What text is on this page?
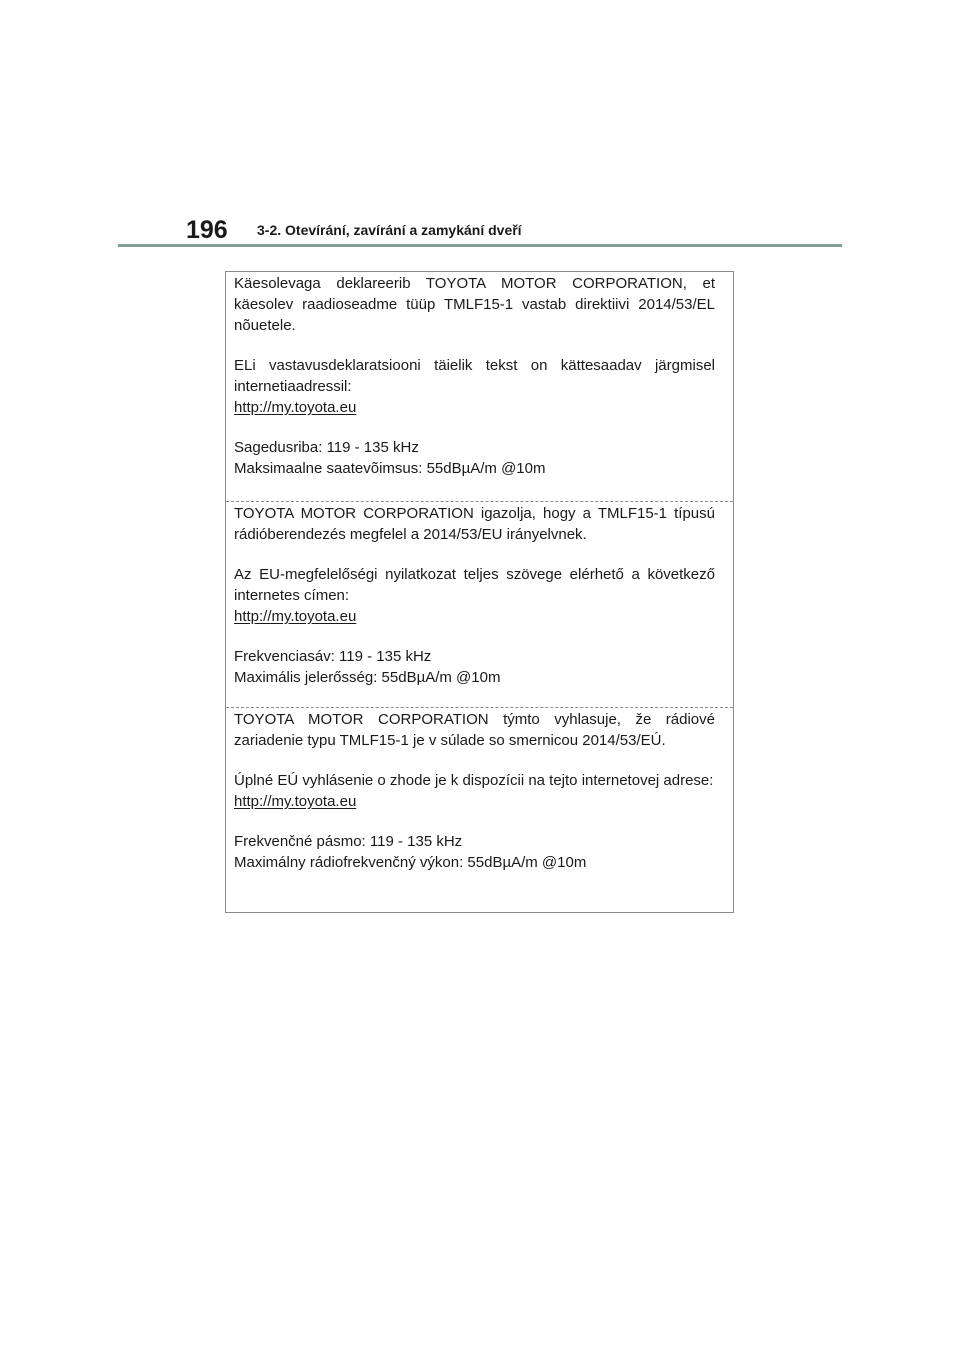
196 3-2. Otevírání, zavírání a zamykání dveří

Käesolevaga deklareerib TOYOTA MOTOR CORPORATION, et käesolev raadioseadme tüüp TMLF15-1 vastab direktiivi 2014/53/EL nõuetele.

ELi vastavusdeklaratsiooni täielik tekst on kättesaadav järgmisel internetiaadressil:

http://my.toyota.eu
Sagedusriba: 119 - 135 kHz
Maksimaalne saatevõimsus: 55dBµA/m @10m

TOYOTA MOTOR CORPORATION igazolja, hogy a TMLF15-1 típusú rádióberendezés megfelel a 2014/53/EU irányelvnek.

Az EU-megfelelőségi nyilatkozat teljes szövege elérhető a következő internetes címen:

http://my.toyota.eu
Frekvenciasáv: 119 - 135 kHz
Maximális jelerősség: 55dBµA/m @10m

TOYOTA MOTOR CORPORATION týmto vyhlasuje, že rádiové zariadenie typu TMLF15-1 je v súlade so smernicou 2014/53/EÚ.

Úplné EÚ vyhlásenie o zhode je k dispozícii na tejto internetovej adrese:

http://my.toyota.eu
Frekvenčné pásmo: 119 - 135 kHz
Maximálny rádiofrekvenčný výkon: 55dBµA/m @10m
